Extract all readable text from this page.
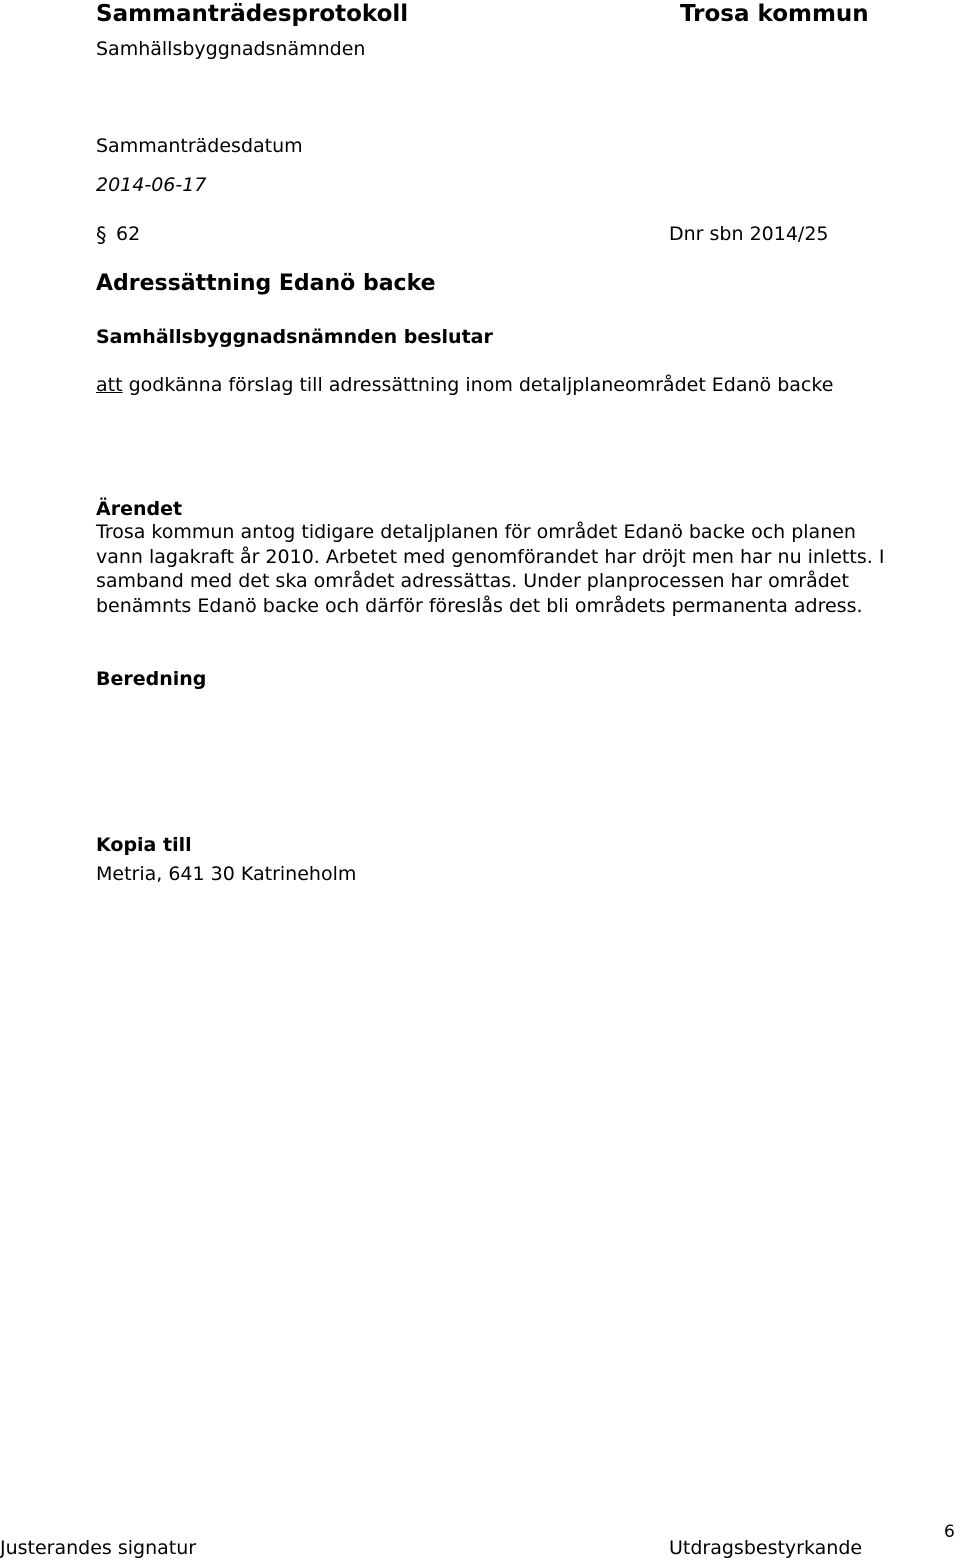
Sammanträdesprotokoll	Trosa kommun
Samhällsbyggnadsnämnden
Sammanträdesdatum
2014-06-17
§ 62	Dnr sbn 2014/25
Adressättning Edanö backe
Samhällsbyggnadsnämnden beslutar
att godkänna förslag till adressättning inom detaljplaneområdet Edanö backe
Ärendet
Trosa kommun antog tidigare detaljplanen för området Edanö backe och planen
vann lagakraft år 2010. Arbetet med genomförandet har dröjt men har nu inletts. I
samband med det ska området adressättas. Under planprocessen har området
benämnts Edanö backe och därför föreslås det bli områdets permanenta adress.
Beredning
Kopia till
Metria, 641 30 Katrineholm
Justerandes signatur	Utdragsbestyrkande
6
